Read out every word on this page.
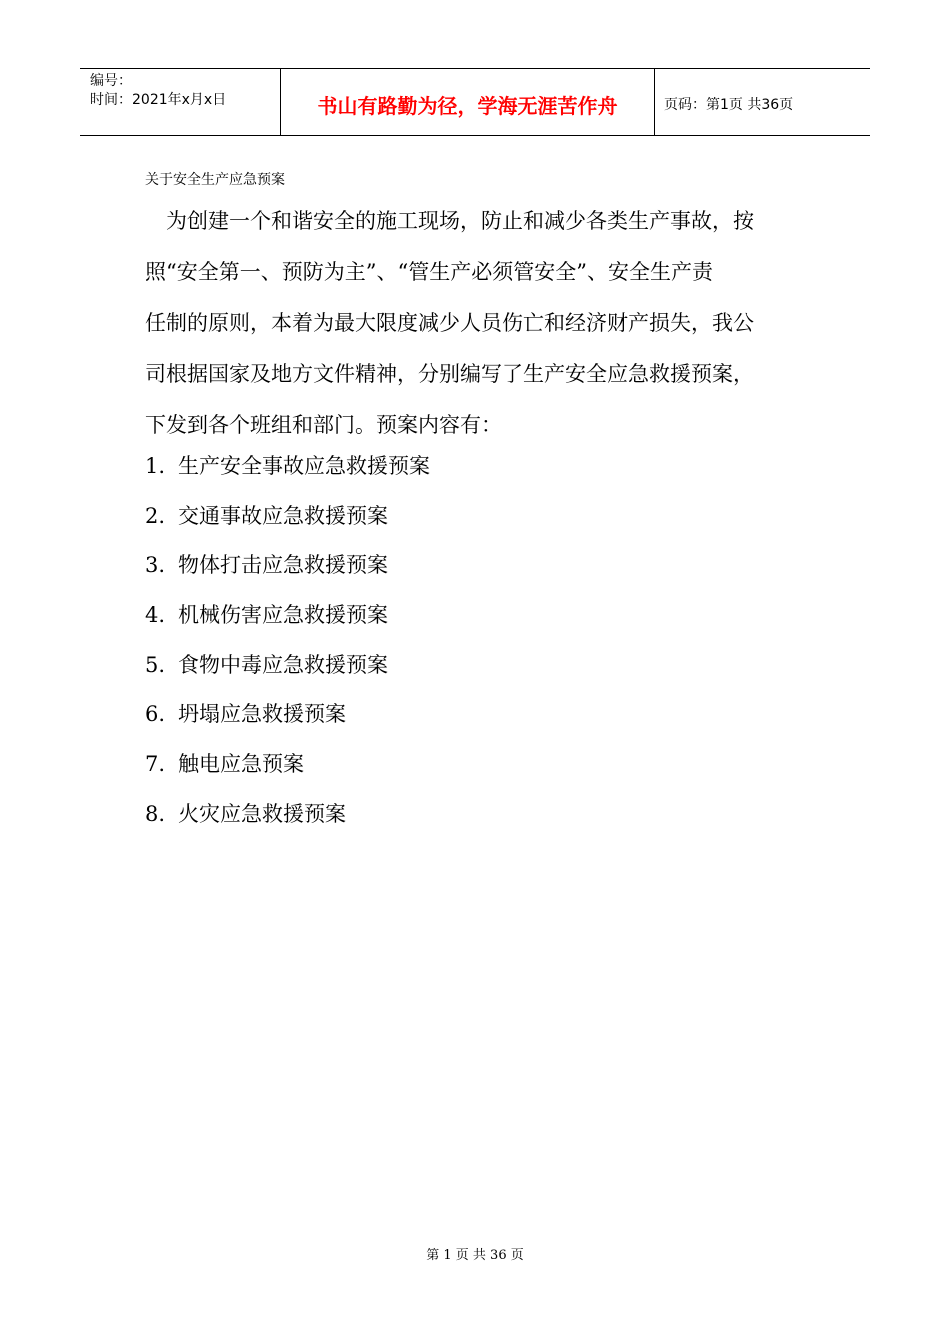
编号：
时间：2021年x月x日	书山有路勤为径，学海无涯苦作舟	页码：第1页 共36页
关于安全生产应急预案
　为创建一个和谐安全的施工现场，防止和减少各类生产事故，按
照“安全第一、预防为主”、“管生产必须管安全”、安全生产责
任制的原则，本着为最大限度减少人员伤亡和经济财产损失，我公
司根据国家及地方文件精神，分别编写了生产安全应急救援预案，
下发到各个班组和部门。预案内容有：
1. 生产安全事故应急救援预案
2. 交通事故应急救援预案
3. 物体打击应急救援预案
4. 机械伤害应急救援预案
5. 食物中毒应急救援预案
6. 坍塌应急救援预案
7. 触电应急预案
8. 火灾应急救援预案
第 1 页 共 36 页
